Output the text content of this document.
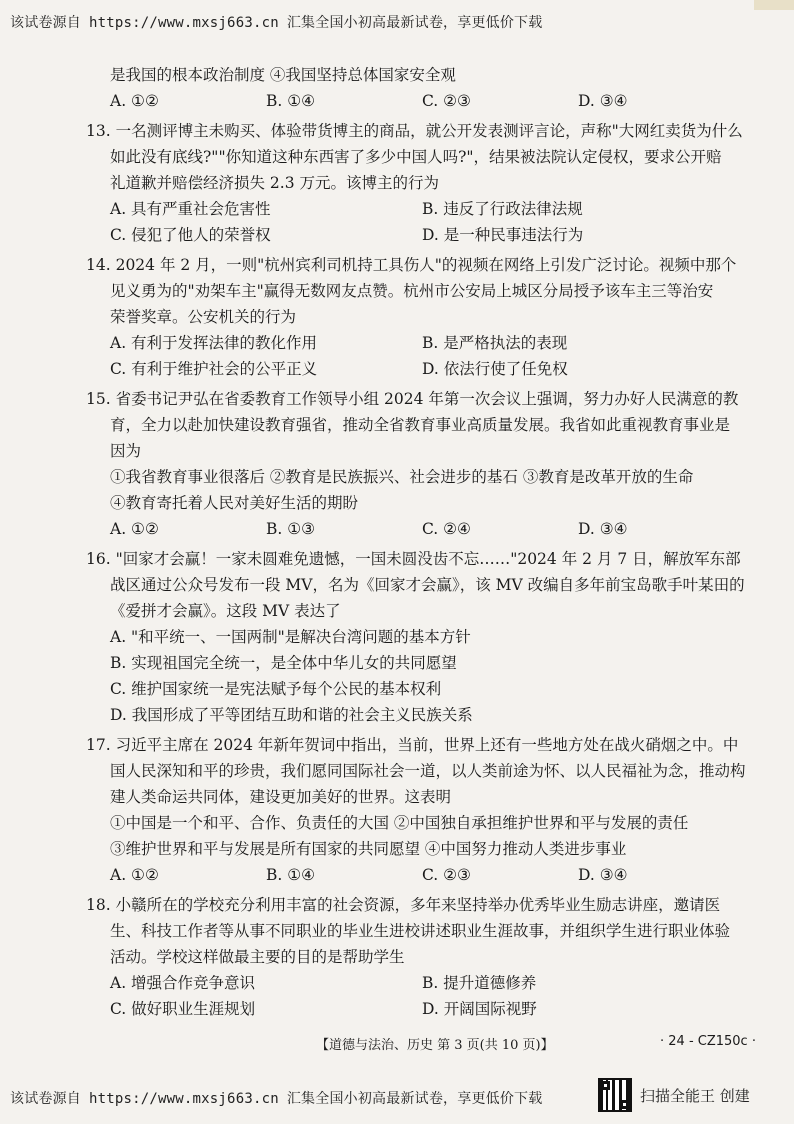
该试卷源自 https://www.mxsj663.cn 汇集全国小初高最新试卷，享更低价下载
是我国的根本政治制度 ④我国坚持总体国家安全观
A. ①②	B. ①④	C. ②③	D. ③④
13. 一名测评博主未购买、体验带货博主的商品，就公开发表测评言论，声称"大网红卖货为什么
如此没有底线?""你知道这种东西害了多少中国人吗?"，结果被法院认定侵权，要求公开赔
礼道歉并赔偿经济损失 2.3 万元。该博主的行为
A. 具有严重社会危害性	B. 违反了行政法律法规
C. 侵犯了他人的荣誉权	D. 是一种民事违法行为
14. 2024 年 2 月，一则"杭州宾利司机持工具伤人"的视频在网络上引发广泛讨论。视频中那个
见义勇为的"劝架车主"赢得无数网友点赞。杭州市公安局上城区分局授予该车主三等治安
荣誉奖章。公安机关的行为
A. 有利于发挥法律的教化作用	B. 是严格执法的表现
C. 有利于维护社会的公平正义	D. 依法行使了任免权
15. 省委书记尹弘在省委教育工作领导小组 2024 年第一次会议上强调，努力办好人民满意的教
育，全力以赴加快建设教育强省，推动全省教育事业高质量发展。我省如此重视教育事业是
因为
①我省教育事业很落后 ②教育是民族振兴、社会进步的基石 ③教育是改革开放的生命
④教育寄托着人民对美好生活的期盼
A. ①②	B. ①③	C. ②④	D. ③④
16. "回家才会赢！一家未圆难免遗憾，一国未圆没齿不忘……"2024 年 2 月 7 日，解放军东部
战区通过公众号发布一段 MV，名为《回家才会赢》，该 MV 改编自多年前宝岛歌手叶某田的
《爱拼才会赢》。这段 MV 表达了
A. "和平统一、一国两制"是解决台湾问题的基本方针
B. 实现祖国完全统一，是全体中华儿女的共同愿望
C. 维护国家统一是宪法赋予每个公民的基本权利
D. 我国形成了平等团结互助和谐的社会主义民族关系
17. 习近平主席在 2024 年新年贺词中指出，当前，世界上还有一些地方处在战火硝烟之中。中
国人民深知和平的珍贵，我们愿同国际社会一道，以人类前途为怀、以人民福祉为念，推动构
建人类命运共同体，建设更加美好的世界。这表明
①中国是一个和平、合作、负责任的大国 ②中国独自承担维护世界和平与发展的责任
③维护世界和平与发展是所有国家的共同愿望 ④中国努力推动人类进步事业
A. ①②	B. ①④	C. ②③	D. ③④
18. 小赣所在的学校充分利用丰富的社会资源，多年来坚持举办优秀毕业生励志讲座，邀请医
生、科技工作者等从事不同职业的毕业生进校讲述职业生涯故事，并组织学生进行职业体验
活动。学校这样做最主要的目的是帮助学生
A. 增强合作竞争意识	B. 提升道德修养
C. 做好职业生涯规划	D. 开阔国际视野
【道德与法治、历史 第 3 页(共 10 页)】	· 24 - CZ150c ·
该试卷源自 https://www.mxsj663.cn 汇集全国小初高最新试卷，享更低价下载	扫描全能王 创建
